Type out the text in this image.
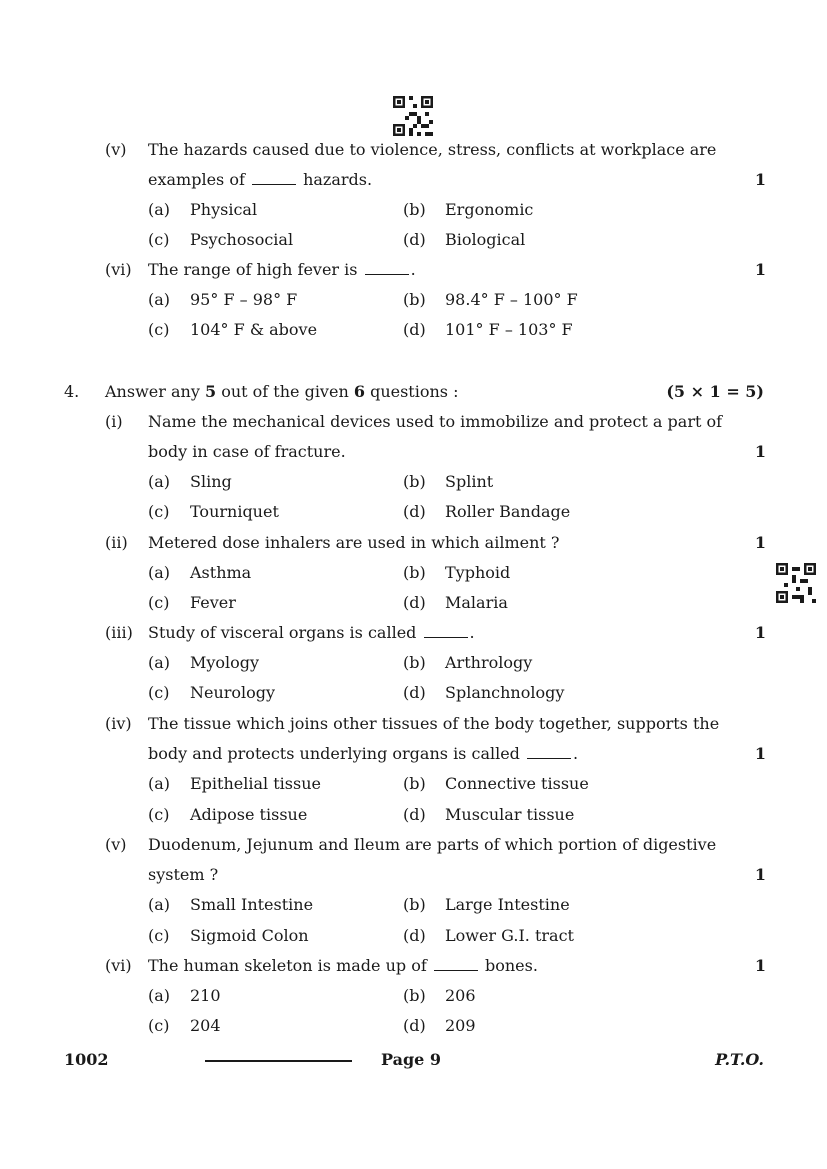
(v) The hazards caused due to violence, stress, conflicts at workplace are
examples of	hazards.	1
(a) Physical	(b) Ergonomic
(c) Psychosocial	(d) Biological
(vi) The range of high fever is	.	1
(a) 95° F – 98° F	(b) 98.4° F – 100° F
(c) 104° F & above	(d) 101° F – 103° F
4. Answer any 5 out of the given 6 questions :	(5 × 1 = 5)
(i) Name the mechanical devices used to immobilize and protect a part of
body in case of fracture.	1
(a) Sling	(b) Splint
(c) Tourniquet	(d) Roller Bandage
(ii) Metered dose inhalers are used in which ailment ?	1
(a) Asthma	(b) Typhoid
(c) Fever	(d) Malaria
(iii) Study of visceral organs is called	.	1
(a) Myology	(b) Arthrology
(c) Neurology	(d) Splanchnology
(iv) The tissue which joins other tissues of the body together, supports the
body and protects underlying organs is called	.	1
(a) Epithelial tissue	(b) Connective tissue
(c) Adipose tissue	(d) Muscular tissue
(v) Duodenum, Jejunum and Ileum are parts of which portion of digestive
system ?	1
(a) Small Intestine	(b) Large Intestine
(c) Sigmoid Colon	(d) Lower G.I. tract
(vi) The human skeleton is made up of	bones.	1
(a) 210	(b) 206
(c) 204	(d) 209
1002	Page 9	P.T.O.
